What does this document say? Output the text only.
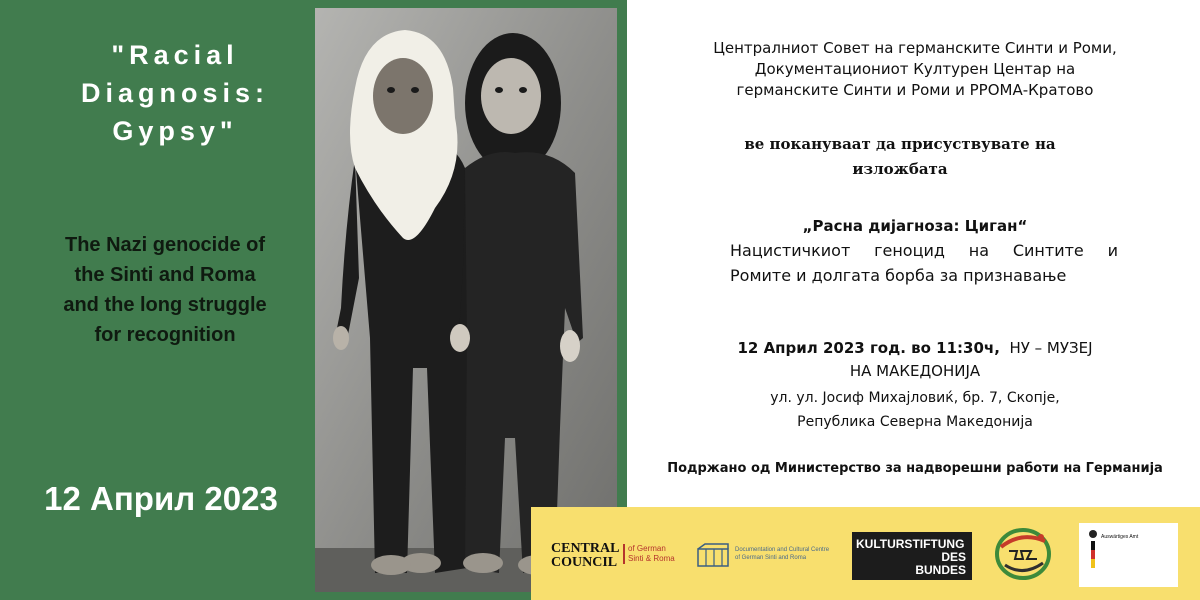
"Racial
Diagnosis:
Gypsy"

The Nazi genocide of
the Sinti and Roma
and the long struggle
for recognition

12 Април 2023

Централниот Совет на германските Синти и Роми,
Документациониот Културен Центар на
германските Синти и Роми и РРОМА-Кратово

ве покануваат да присуствувате на
изложбата

„Расна дијагноза: Циган“

Нацистичкиот геноцид на Синтите и

Ромите и долгата борба за признавање

12 Април 2023 год. во 11:30ч, НУ – МУЗЕЈ

НА МАКЕДОНИЈА

ул. ул. Јосиф Михајловиќ, бр. 7, Скопје,

Република Северна Македонија

Подржано од Министерство за надворешни работи на Германија

CENTRAL
COUNCIL
of German
Sinti & Roma
Documentation and Cultural Centre
of German Sinti and Roma
KULTURSTIFTUNG
DES
BUNDES
Auswärtiges Amt
